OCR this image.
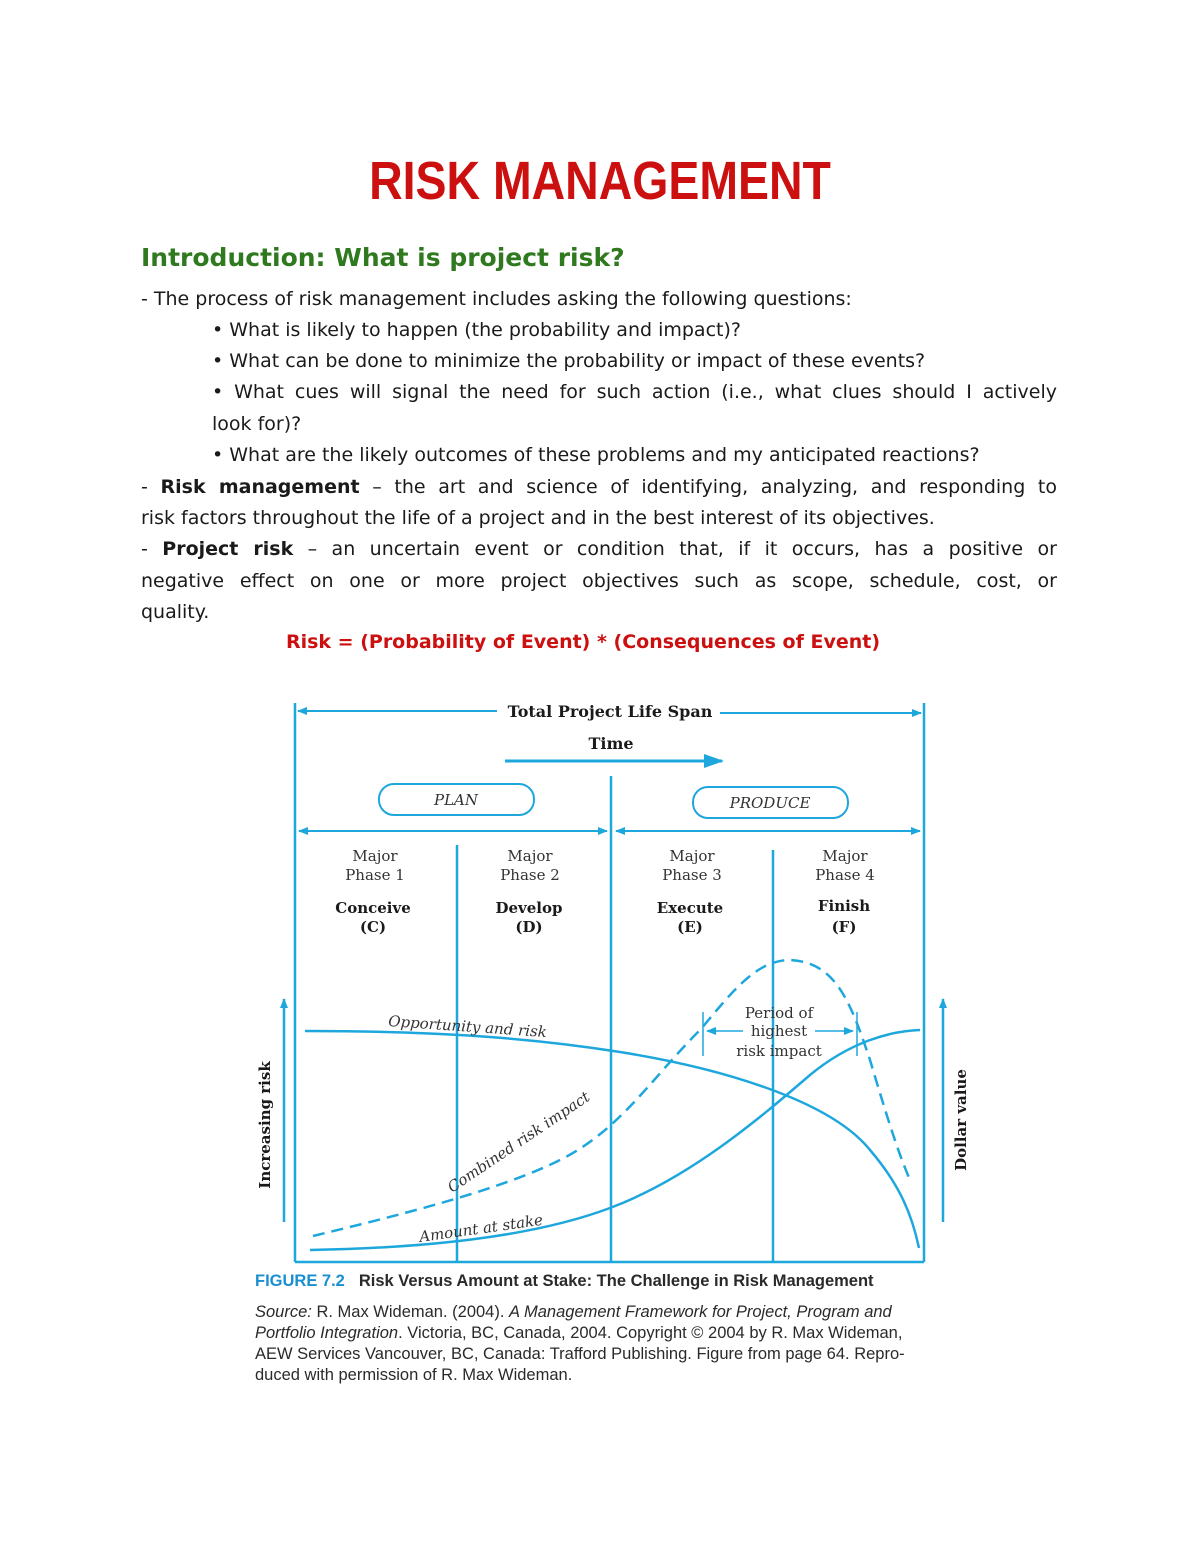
RISK MANAGEMENT
Introduction: What is project risk?
- The process of risk management includes asking the following questions:
• What is likely to happen (the probability and impact)?
• What can be done to minimize the probability or impact of these events?
• What cues will signal the need for such action (i.e., what clues should I actively
look for)?
• What are the likely outcomes of these problems and my anticipated reactions?
- Risk management – the art and science of identifying, analyzing, and responding to
risk factors throughout the life of a project and in the best interest of its objectives.
- Project risk – an uncertain event or condition that, if it occurs, has a positive or
negative effect on one or more project objectives such as scope, schedule, cost, or
quality.
Risk = (Probability of Event) * (Consequences of Event)
Total Project Life Span
Time
PLAN	PRODUCE
Major
Phase 1
Conceive
(C)
Major
Phase 2
Develop
(D)
Major
Phase 3
Execute
(E)
Major
Phase 4
Finish
(F)
Increasing risk	Dollar value
Opportunity and risk
Combined risk impact
Amount at stake
Period of
highest
risk impact
FIGURE 7.2 Risk Versus Amount at Stake: The Challenge in Risk Management
Source: R. Max Wideman. (2004). A Management Framework for Project, Program and
Portfolio Integration. Victoria, BC, Canada, 2004. Copyright © 2004 by R. Max Wideman,
AEW Services Vancouver, BC, Canada: Trafford Publishing. Figure from page 64. Repro-
duced with permission of R. Max Wideman.
